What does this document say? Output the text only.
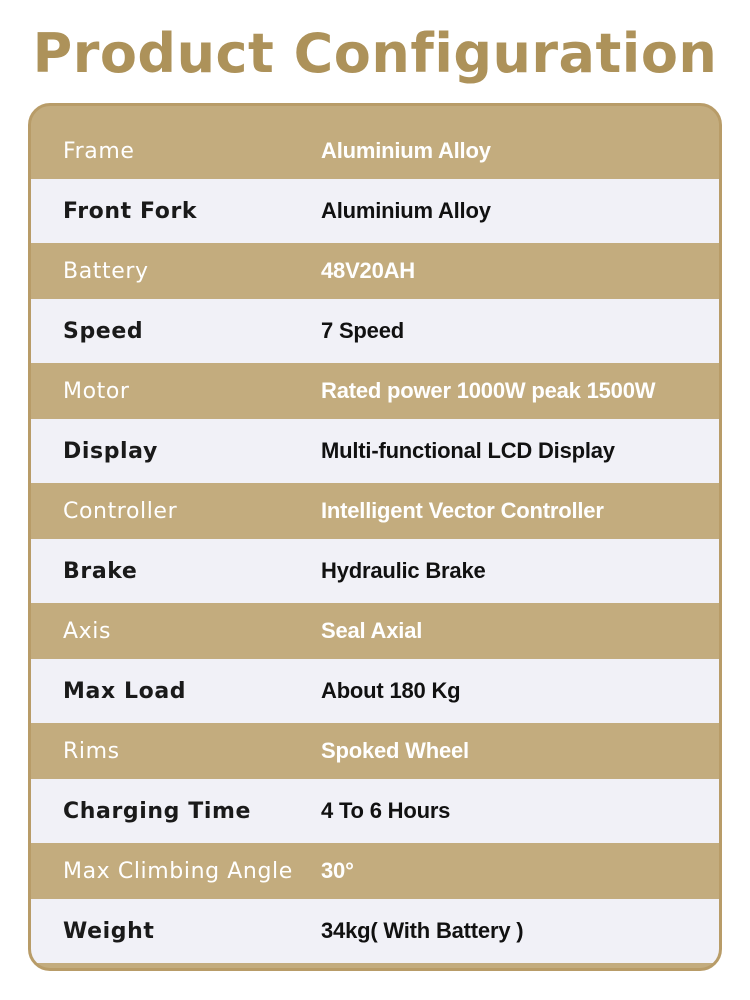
Product Configuration
Frame	Aluminium Alloy
Front Fork	Aluminium Alloy
Battery	48V20AH
Speed	7 Speed
Motor	Rated power 1000W peak 1500W
Display	Multi-functional LCD Display
Controller	Intelligent Vector Controller
Brake	Hydraulic Brake
Axis	Seal Axial
Max Load	About 180 Kg
Rims	Spoked Wheel
Charging Time	4 To 6 Hours
Max Climbing Angle	30°
Weight	34kg( With Battery )
